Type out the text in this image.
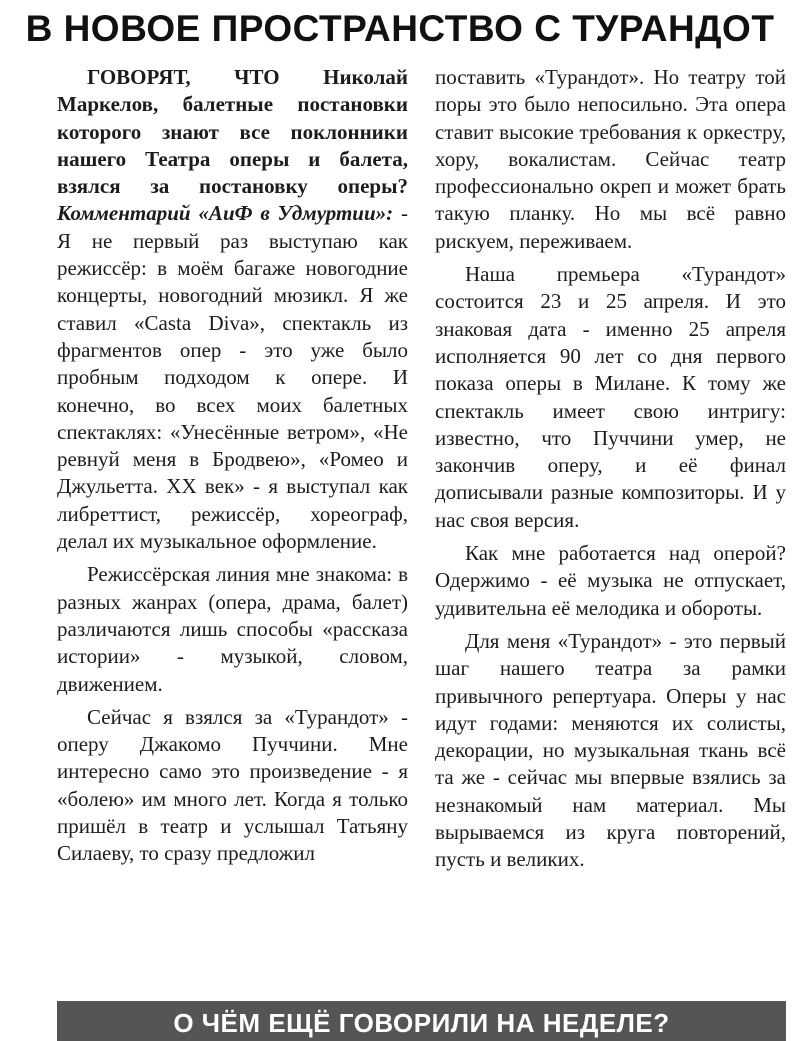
В НОВОЕ ПРОСТРАНСТВО С ТУРАНДОТ

ГОВОРЯТ, ЧТО Николай Маркелов, балетные постановки которого знают все поклонники нашего Театра оперы и балета, взялся за постановку оперы? Комментарий «АиФ в Удмуртии»: - Я не первый раз выступаю как режиссёр: в моём багаже новогодние концерты, новогодний мюзикл. Я же ставил «Casta Diva», спектакль из фрагментов опер - это уже было пробным подходом к опере. И конечно, во всех моих балетных спектаклях: «Унесённые ветром», «Не ревнуй меня в Бродвею», «Ромео и Джульетта. XX век» - я выступал как либреттист, режиссёр, хореограф, делал их музыкальное оформление.

Режиссёрская линия мне знакома: в разных жанрах (опера, драма, балет) различаются лишь способы «рассказа истории» - музыкой, словом, движением.

Сейчас я взялся за «Турандот» - оперу Джакомо Пуччини. Мне интересно само это произведение - я «болею» им много лет. Когда я только пришёл в театр и услышал Татьяну Силаеву, то сразу предложил

поставить «Турандот». Но театру той поры это было непосильно. Эта опера ставит высокие требования к оркестру, хору, вокалистам. Сейчас театр профессионально окреп и может брать такую планку. Но мы всё равно рискуем, переживаем.

Наша премьера «Турандот» состоится 23 и 25 апреля. И это знаковая дата - именно 25 апреля исполняется 90 лет со дня первого показа оперы в Милане. К тому же спектакль имеет свою интригу: известно, что Пуччини умер, не закончив оперу, и её финал дописывали разные композиторы. И у нас своя версия.

Как мне работается над оперой? Одержимо - её музыка не отпускает, удивительна её мелодика и обороты.

Для меня «Турандот» - это первый шаг нашего театра за рамки привычного репертуара. Оперы у нас идут годами: меняются их солисты, декорации, но музыкальная ткань всё та же - сейчас мы впервые взялись за незнакомый нам материал. Мы вырываемся из круга повторений, пусть и великих.

О ЧЁМ ЕЩЁ ГОВОРИЛИ НА НЕДЕЛЕ?
